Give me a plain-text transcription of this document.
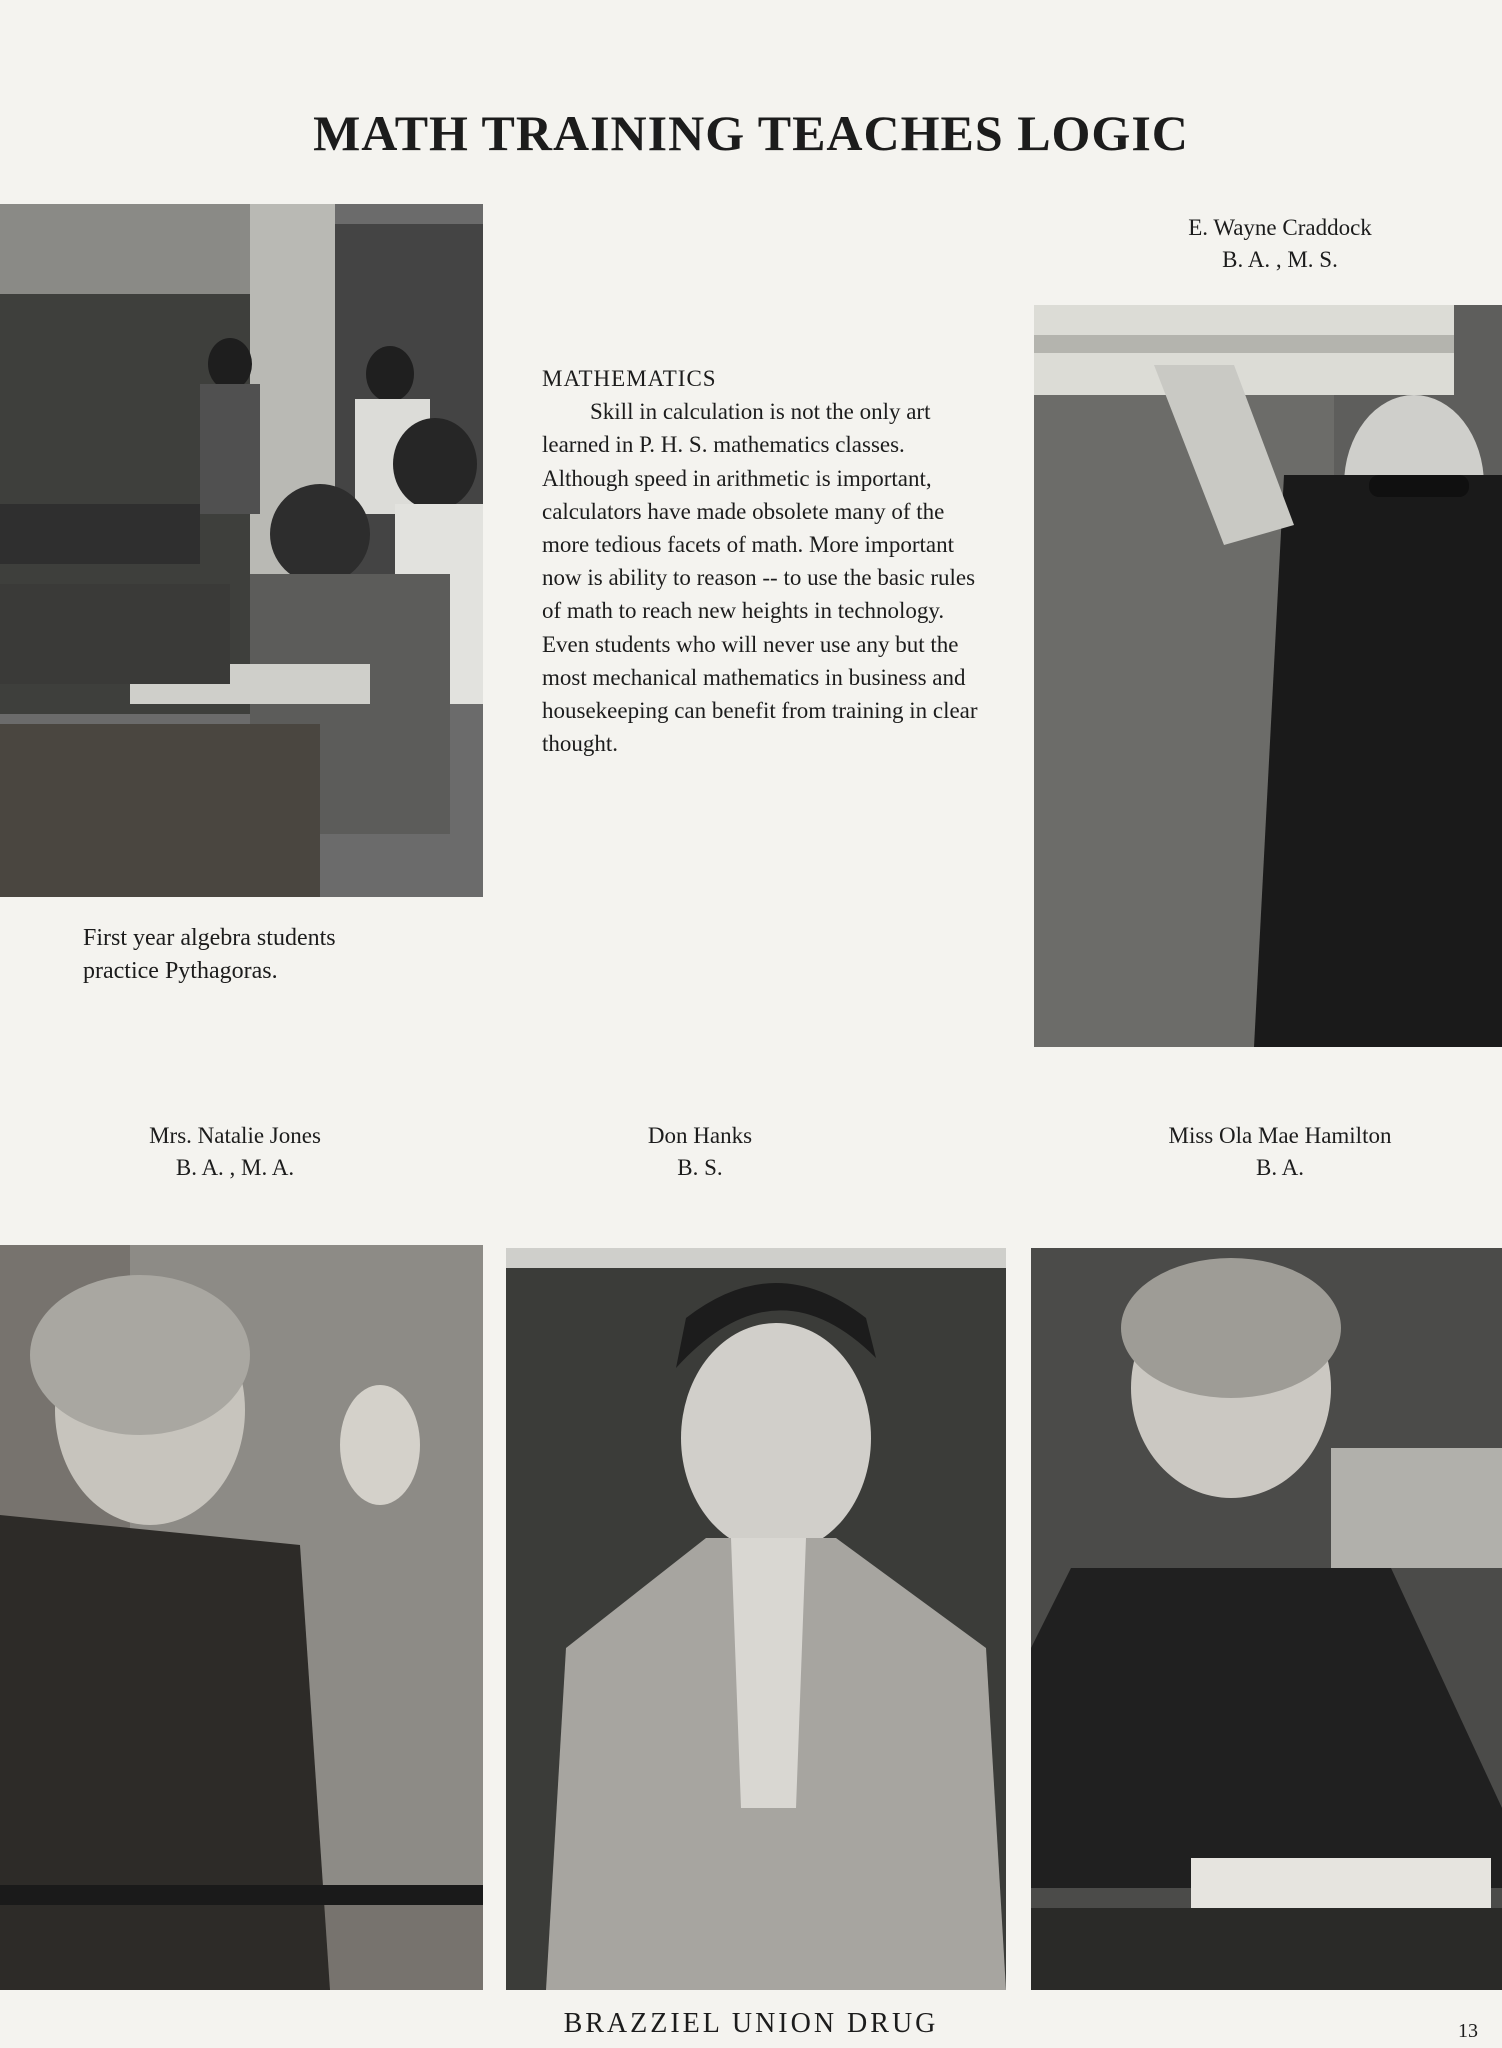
MATH TRAINING TEACHES LOGIC
First year algebra students practice Pythagoras.
MATHEMATICS
Skill in calculation is not the only art learned in P. H. S. mathematics classes. Although speed in arithmetic is important, calculators have made obsolete many of the more tedious facets of math. More important now is ability to reason -- to use the basic rules of math to reach new heights in technology. Even students who will never use any but the most mechanical mathematics in business and housekeeping can benefit from training in clear thought.
E. Wayne Craddock
B. A. , M. S.
Mrs. Natalie Jones
B. A. , M. A.
Don Hanks
B. S.
Miss Ola Mae Hamilton
B. A.
BRAZZIEL UNION DRUG	13
